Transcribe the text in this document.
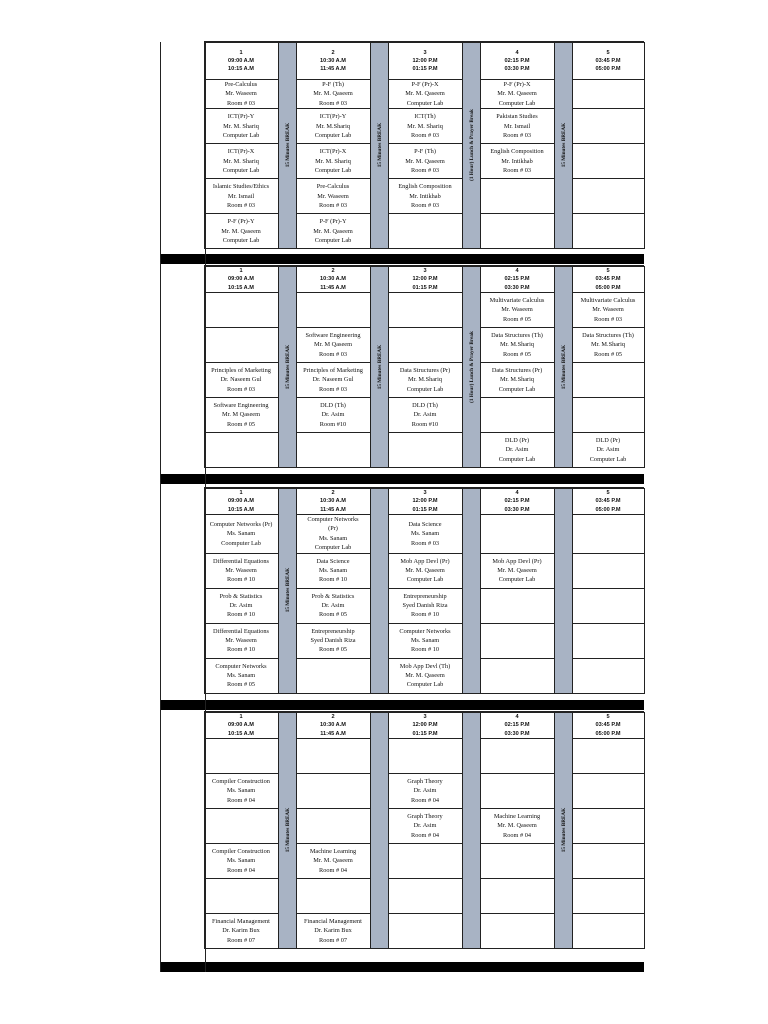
	1
09:00 A.M
10:15 A.M	15 Minutes BREAK	2
10:30 A.M
11:45 A.M	15 Minutes BREAK	3
12:00 P.M
01:15 P.M	(1 Hour) Lunch & Prayer Break	4
02:15 P.M
03:30 P.M	15 Minutes BREAK	5
03:45 P.M
05:00 P.M

	Pre-Calculus
Mr. Waseem
Room # 03		P-F (Th)
Mr. M. Qaseem
Room # 03		P-F (Pr)-X
Mr. M. Qaseem
Computer Lab		P-F (Pr)-X
Mr. M. Qaseem
Computer Lab		

	ICT(Pr)-Y
Mr. M. Shariq
Computer Lab		ICT(Pr)-Y
Mr. M.Shariq
Computer Lab		ICT(Th)
Mr. M. Shariq
Room # 03		Pakistan Studies
Mr. Ismail
Room # 03		

	ICT(Pr)-X
Mr. M. Shariq
Computer Lab		ICT(Pr)-X
Mr. M. Shariq
Computer Lab		P-F (Th)
Mr. M. Qaseem
Room # 03		English Composition
Mr. Intikhab
Room # 03		

	Islamic Studies/Ethics
Mr. Ismail
Room # 03		Pre-Calculus
Mr. Waseem
Room # 03		English Composition
Mr. Intikhab
Room # 03				

	P-F (Pr)-Y
Mr. M. Qaseem
Computer Lab		P-F (Pr)-Y
Mr. M. Qaseem
Computer Lab						

	1
09:00 A.M
10:15 A.M	15 Minutes BREAK	2
10:30 A.M
11:45 A.M	15 Minutes BREAK	3
12:00 P.M
01:15 P.M	(1 Hour) Lunch & Prayer Break	4
02:15 P.M
03:30 P.M	15 Minutes BREAK	5
03:45 P.M
05:00 P.M

							Multivariate Calculus
Mr. Waseem
Room # 05		Multivariate Calculus
Mr. Waseem
Room # 03

			Software Engineering
Mr. M Qaseem
Room # 03				Data Structures (Th)
Mr. M.Shariq
Room # 05		Data Structures (Th)
Mr. M.Shariq
Room # 05

	Principles of Marketing
Dr. Naseem Gul
Room # 03		Principles of Marketing
Dr. Naseem Gul
Room # 03		Data Structures (Pr)
Mr. M.Shariq
Computer Lab		Data Structures (Pr)
Mr. M.Shariq
Computer Lab		

	Software Engineering
Mr. M Qaseem
Room # 05		DLD (Th)
Dr. Asim
Room #10		DLD (Th)
Dr. Asim
Room #10				

							DLD (Pr)
Dr. Asim
Computer Lab		DLD (Pr)
Dr. Asim
Computer Lab

	1
09:00 A.M
10:15 A.M	15 Minutes BREAK	2
10:30 A.M
11:45 A.M		3
12:00 P.M
01:15 P.M		4
02:15 P.M
03:30 P.M		5
03:45 P.M
05:00 P.M

	Computer Networks (Pr)
Ms. Sanam
Coomputer Lab		Computer Networks
(Pr)
Ms. Sanam
Computer Lab		Data Science
Ms. Sanam
Room # 03				

	Differential Equations
Mr. Waseem
Room # 10		Data Science
Ms. Sanam
Room # 10		Mob App Devl (Pr)
Mr. M. Qaseem
Computer Lab		Mob App Devl (Pr)
Mr. M. Qaseem
Computer Lab		

	Prob & Statistics
Dr. Asim
Room # 10		Prob & Statistics
Dr. Asim
Room # 05		Entrepreneurship
Syed Danish Riza
Room # 10				

	Differential Equations
Mr. Waseem
Room # 10		Entrepreneurship
Syed Danish Riza
Room # 05		Computer Networks
Ms. Sanam
Room # 10				

	Computer Networks
Ms. Sanam
Room # 05				Mob App Devl (Th)
Mr. M. Qaseem
Computer Lab				

	1
09:00 A.M
10:15 A.M	15 Minutes BREAK	2
10:30 A.M
11:45 A.M		3
12:00 P.M
01:15 P.M		4
02:15 P.M
03:30 P.M	15 Minutes BREAK	5
03:45 P.M
05:00 P.M

	Compiler Construction
Ms. Sanam
Room # 04				Graph Theory
Dr. Asim
Room # 04				

					Graph Theory
Dr. Asim
Room # 04		Machine Learning
Mr. M. Qaseem
Room # 04		

	Compiler Construction
Ms. Sanam
Room # 04		Machine Learning
Mr. M. Qaseem
Room # 04						

	Financial Management
Dr. Karim Bux
Room # 07		Financial Management
Dr. Karim Bux
Room # 07						
